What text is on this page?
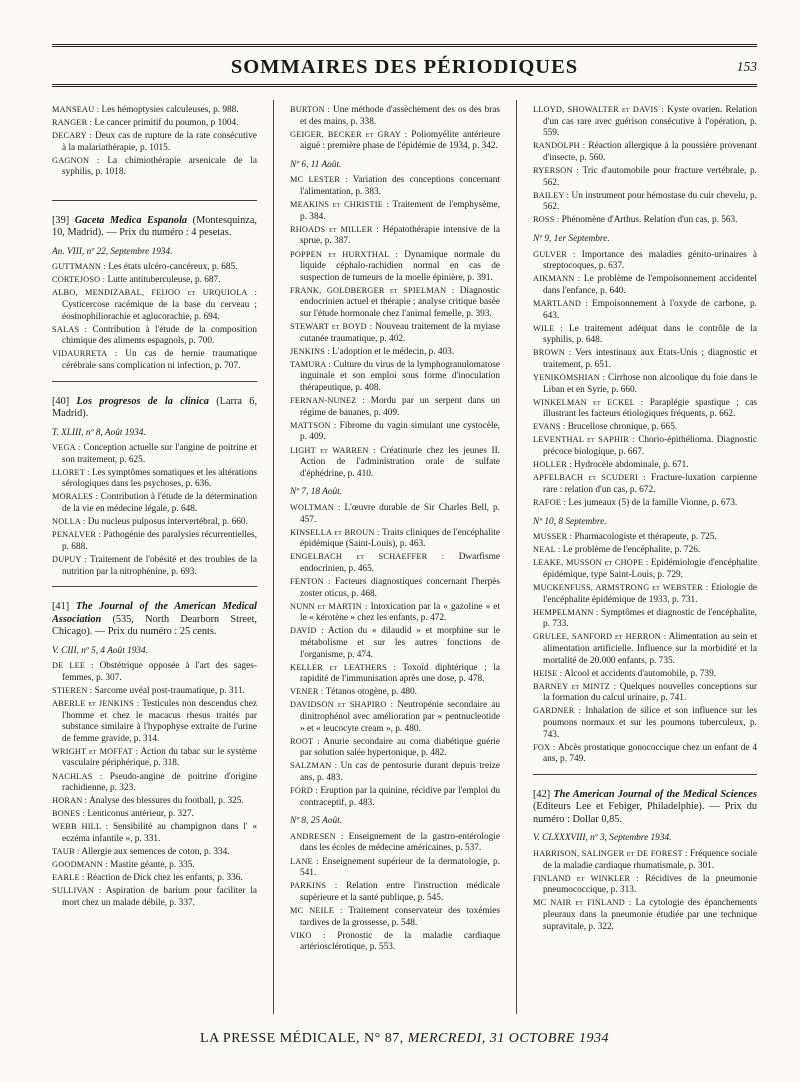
SOMMAIRES DES PÉRIODIQUES	153
MANSEAU : Les hémoptysies calculeuses, p. 988.
RANGER : Le cancer primitif du poumon, p 1004.
DECARY : Deux cas de rupture de la rate consécutive à la malariathérapie, p. 1015.
GAGNON : La chimiothérapie arsenicale de la syphilis, p. 1018.
[39] Gaceta Medica Espanola (Montesquinza, 10, Madrid). — Prix du numéro : 4 pesetas.
An. VIII, nº 22, Septembre 1934.
GUTTMANN : Les états ulcéro-cancéreux, p. 685.
CORTEJOSO : Lutte antituberculeuse, p. 687.
ALBO, MENDIZABAL, FEIJOO et URQUIOLA : Cysticercose racémique de la base du cerveau ; éosinophiliorachie et aglucorachie, p. 694.
SALAS : Contribution à l'étude de la composition chimique des aliments espagnols, p. 700.
VIDAURRETA : Un cas de hernie traumatique cérébrale sans complication ni infection, p. 707.
[40] Los progresos de la clinica (Larra 6, Madrid).
T. XLIII, nº 8, Août 1934.
VEGA : Conception actuelle sur l'angine de poitrine et son traitement, p. 625.
LLORET : Les symptômes somatiques et les altérations sérologiques dans les psychoses, p. 636.
MORALES : Contribution à l'étude de la détermination de la vie en médecine légale, p. 648.
NOLLA : Du nucleus pulposus intervertébral, p. 660.
PENALVER : Pathogénie des paralysies récurrentielles, p. 688.
DUPUY : Traitement de l'obésité et des troubles de la nutrition par la nitrophénine, p. 693.
[41] The Journal of the American Medical Association (535, North Dearborn Street, Chicago). — Prix du numéro : 25 cents.
V. CIII, nº 5, 4 Août 1934.
DE LEE : Obstétrique opposée à l'art des sages-femmes, p. 307.
STIEREN : Sarcome uvéal post-traumatique, p. 311.
ABERLE et JENKINS : Testicules non descendus chez l'homme et chez le macacus rhesus traités par substance similaire à l'hypophyse extraite de l'urine de femme gravide, p. 314.
WRIGHT et MOFFAT : Action du tabac sur le système vasculaire périphérique, p. 318.
NACHLAS : Pseudo-angine de poitrine d'origine rachidienne, p. 323.
HORAN : Analyse des blessures du football, p. 325.
BONES : Lenticonus antérieur, p. 327.
WEBB HILL : Sensibilité au champignon dans l' « eczéma infantile », p. 331.
TAUB : Allergie aux semences de coton, p. 334.
GOODMANN : Mastite géante, p. 335.
EARLE : Réaction de Dick chez les enfants, p. 336.
SULLIVAN : Aspiration de barium pour faciliter la mort chez un malade débile, p. 337.
BURTON : Une méthode d'assèchement des os des bras et des mains, p. 338.
GEIGER, BECKER et GRAY : Poliomyélite antérieure aiguë : première phase de l'épidémie de 1934, p. 342.
Nº 6, 11 Août.
MC LESTER : Variation des conceptions concernant l'alimentation, p. 383.
MEAKINS et CHRISTIE : Traitement de l'emphysème, p. 384.
RHOADS et MILLER : Hépatothérapie intensive de la sprue, p. 387.
POPPEN et HURXTHAL : Dynamique normale du liquide céphalo-rachidien normal en cas de suspection de tumeurs de la moelle épinière, p. 391.
FRANK, GOLDBERGER et SPIELMAN : Diagnostic endocrinien actuel et thérapie ; analyse critique basée sur l'étude hormonale chez l'animal femelle, p. 393.
STEWART et BOYD : Nouveau traitement de la myiase cutanée traumatique, p. 402.
JENKINS : L'adoption et le médecin, p. 403.
TAMURA : Culture du virus de la lymphogranulomatose inguinale et son emploi sous forme d'inoculation thérapeutique, p. 408.
FERNAN-NUNEZ : Mordu par un serpent dans un régime de bananes, p. 409.
MATTSON : Fibrome du vagin simulant une cystocèle, p. 409.
LIGHT et WARREN : Créatinurie chez les jeunes II. Action de l'administration orale de sulfate d'éphédrine, p. 410.
Nº 7, 18 Août.
WOLTMAN : L'œuvre durable de Sir Charles Bell, p. 457.
KINSELLA et BROUN : Traits cliniques de l'encéphalite épidémique (Saint-Louis), p. 463.
ENGELBACH et SCHAEFFER : Dwarfisme endocrinien, p. 465.
FENTON : Facteurs diagnostiques concernant l'herpès zoster oticus, p. 468.
NUNN et MARTIN : Intoxication par la « gazoline » et le « kérotène » chez les enfants, p. 472.
DAVID : Action du « dilaudid » et morphine sur le métabolisme et sur les autres fonctions de l'organisme, p. 474.
KELLER et LEATHERS : Toxoïd diphtérique ; la rapidité de l'immunisation après une dose, p. 478.
VENER : Tétanos otogène, p. 480.
DAVIDSON et SHAPIRO : Neutropénie secondaire au dinitrophénol avec amélioration par « pentnucleotide » et « leucocyte cream », p. 480.
ROOT : Anurie secondaire au coma diabétique guérie par solution salée hypertonique, p. 482.
SALZMAN : Un cas de pentosurie durant depuis treize ans, p. 483.
FORD : Eruption par la quinine, récidive par l'emploi du contraceptif, p. 483.
Nº 8, 25 Août.
ANDRESEN : Enseignement de la gastro-entérologie dans les écoles de médecine américaines, p. 537.
LANE : Enseignement supérieur de la dermatologie, p. 541.
PARKINS : Relation entre l'instruction médicale supérieure et la santé publique, p. 545.
MC NEILE : Traitement conservateur des toxémies tardives de la grossesse, p. 548.
VIKO : Pronostic de la maladie cardiaque artériosclérotique, p. 553.
LLOYD, SHOWALTER et DAVIS : Kyste ovarien. Relation d'un cas rare avec guérison consécutive à l'opération, p. 559.
RANDOLPH : Réaction allergique à la poussière provenant d'insecte, p. 560.
RYERSON : Tric d'automobile pour fracture vertébrale, p. 562.
BAILEY : Un instrument pour hémostase du cuir chevelu, p. 562.
ROSS : Phénomène d'Arthus. Relation d'un cas, p. 563.
Nº 9, 1er Septembre.
GULVER : Importance des maladies génito-urinaires à streptocoques, p. 637.
AIKMANN : Le problème de l'empoisonnement accidentel dans l'enfance, p. 640.
MARTLAND : Empoisonnement à l'oxyde de carbone, p. 643.
WILE : Le traitement adéquat dans le contrôle de la syphilis, p. 648.
BROWN : Vers intestinaux aux Etats-Unis ; diagnostic et traitement, p. 651.
YENIKOMSHIAN : Cirrhose non alcoolique du foie dans le Liban et en Syrie, p. 660.
WINKELMAN et ECKEL : Paraplégie spastique ; cas illustrant les facteurs étiologiques fréquents, p. 662.
EVANS : Brucellose chronique, p. 665.
LEVENTHAL et SAPHIR : Chorio-épithélioma. Diagnostic précoce biologique, p. 667.
HOLLER : Hydrocèle abdominale, p. 671.
APFELBACH et SCUDERI : Fracture-luxation carpienne rare : relation d'un cas, p. 672.
RAFOE : Les jumeaux (5) de la famille Vionne, p. 673.
Nº 10, 8 Septembre.
MUSSER : Pharmacologiste et thérapeute, p. 725.
NEAL : Le problème de l'encéphalite, p. 726.
LEAKE, MUSSON et CHOPE : Epidémiologie d'encéphalite épidémique, type Saint-Louis, p. 729.
MUCKENFUSS, ARMSTRONG et WEBSTER : Etiologie de l'encéphalite épidémique de 1933, p. 731.
HEMPELMANN : Symptômes et diagnostic de l'encéphalite, p. 733.
GRULEE, SANFORD et HERRON : Alimentation au sein et alimentation artificielle. Influence sur la morbidité et la mortalité de 20.000 enfants, p. 735.
HEISE : Alcool et accidents d'automobile, p. 739.
BARNEY et MINTZ : Quelques nouvelles conceptions sur la formation du calcul urinaire, p. 741.
GARDNER : Inhalation de silice et son influence sur les poumons normaux et sur les poumons tuberculeux, p. 743.
FOX : Abcès prostatique gonococcique chez un enfant de 4 ans, p. 749.
[42] The American Journal of the Medical Sciences (Editeurs Lee et Febiger, Philadelphie). — Prix du numéro : Dollar 0,85.
V. CLXXXVIII, nº 3, Septembre 1934.
HARRISON, SALINGER et DE FOREST : Fréquence sociale de la maladie cardiaque rhumatismale, p. 301.
FINLAND et WINKLER : Récidives de la pneumonie pneumococcique, p. 313.
MC NAIR et FINLAND : La cytologie des épanchements pleuraux dans la pneumonie étudiée par une technique supravitale, p. 322.
LA PRESSE MÉDICALE, N° 87, MERCREDI, 31 OCTOBRE 1934
